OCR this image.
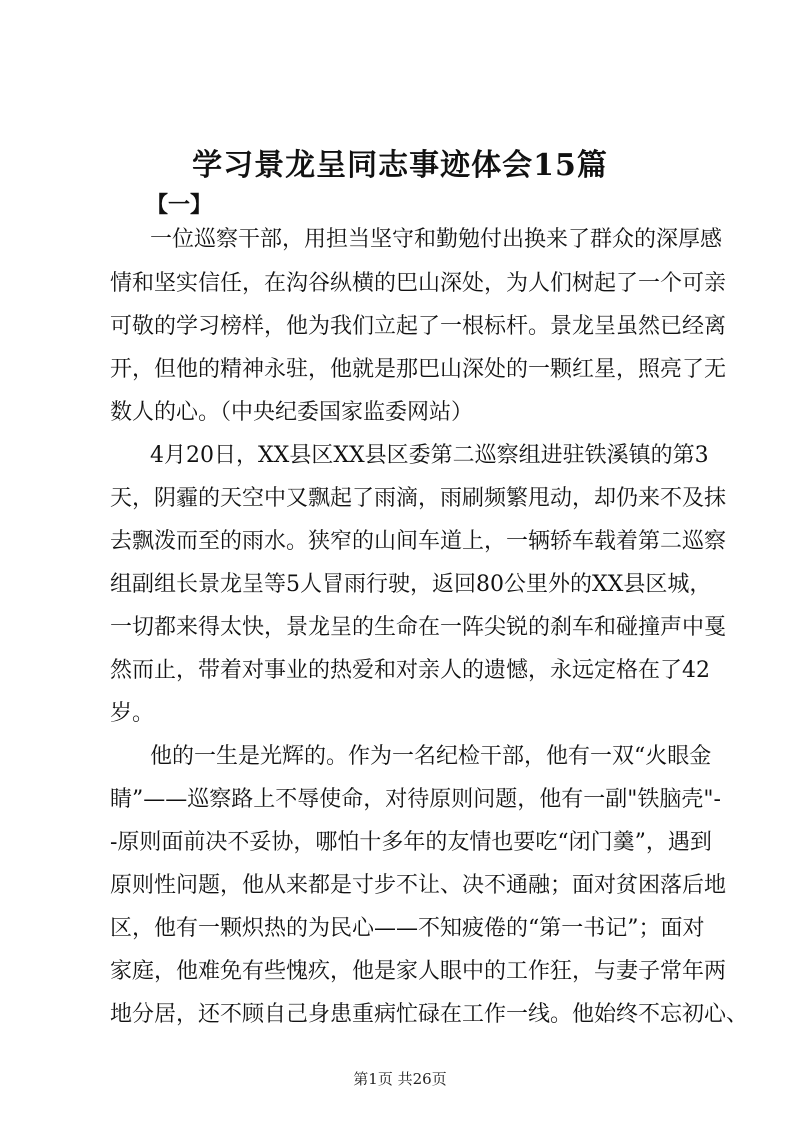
学习景龙呈同志事迹体会15篇
【一】
一位巡察干部，用担当坚守和勤勉付出换来了群众的深厚感
情和坚实信任，在沟谷纵横的巴山深处，为人们树起了一个可亲
可敬的学习榜样，他为我们立起了一根标杆。景龙呈虽然已经离
开，但他的精神永驻，他就是那巴山深处的一颗红星，照亮了无
数人的心。（中央纪委国家监委网站）
4月20日，XX县区XX县区委第二巡察组进驻铁溪镇的第3
天，阴霾的天空中又飘起了雨滴，雨刷频繁甩动，却仍来不及抹
去飘泼而至的雨水。狭窄的山间车道上，一辆轿车载着第二巡察
组副组长景龙呈等5人冒雨行驶，返回80公里外的XX县区城，
一切都来得太快，景龙呈的生命在一阵尖锐的刹车和碰撞声中戛
然而止，带着对事业的热爱和对亲人的遗憾，永远定格在了42
岁。
他的一生是光辉的。作为一名纪检干部，他有一双“火眼金
睛”——巡察路上不辱使命，对待原则问题，他有一副"铁脑壳"-
-原则面前决不妥协，哪怕十多年的友情也要吃“闭门羹”，遇到
原则性问题，他从来都是寸步不让、决不通融；面对贫困落后地
区，他有一颗炽热的为民心——不知疲倦的“第一书记”；面对
家庭，他难免有些愧疚，他是家人眼中的工作狂，与妻子常年两
地分居，还不顾自己身患重病忙碌在工作一线。他始终不忘初心、
第1页 共26页
